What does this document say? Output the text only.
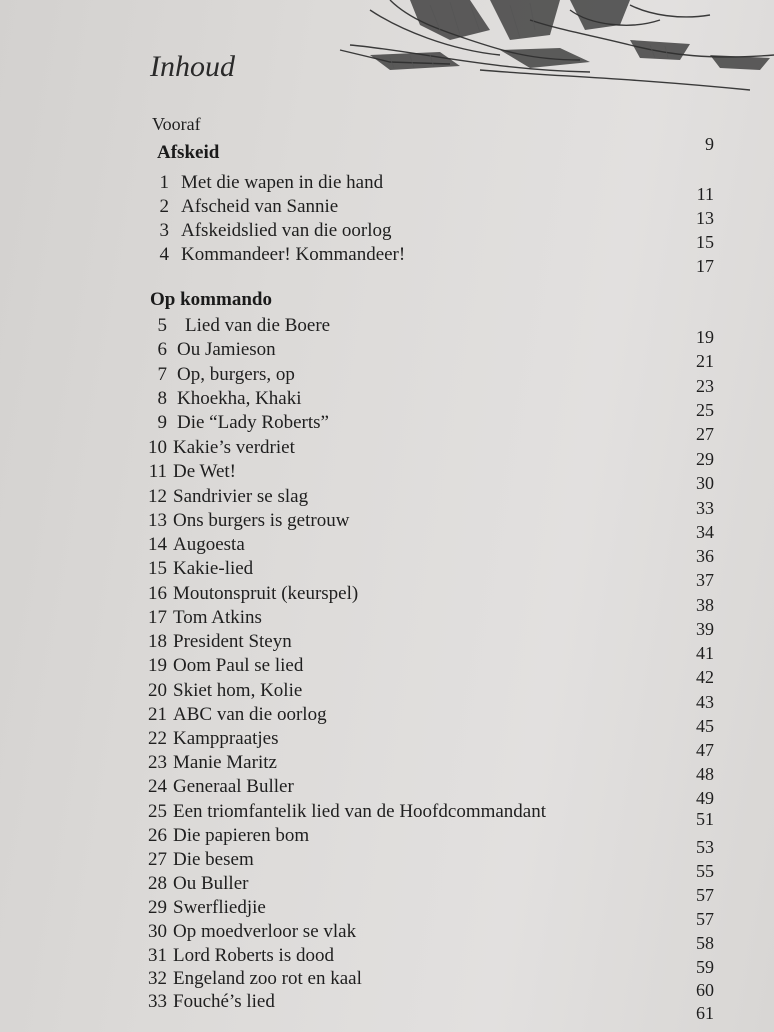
Inhoud
Vooraf
9
Afskeid
1 Met die wapen in die hand
11
2 Afscheid van Sannie
13
3 Afskeidslied van die oorlog
15
4 Kommandeer! Kommandeer!
17
Op kommando
5 Lied van die Boere
19
6 Ou Jamieson
21
7 Op, burgers, op
23
8 Khoekha, Khaki
25
9 Die “Lady Roberts”
27
10 Kakie’s verdriet
29
11 De Wet!
30
12 Sandrivier se slag
33
13 Ons burgers is getrouw
34
14 Augoesta
36
15 Kakie-lied
37
16 Moutonspruit (keurspel)
38
17 Tom Atkins
39
18 President Steyn
41
19 Oom Paul se lied
42
20 Skiet hom, Kolie
43
21 ABC van die oorlog
45
22 Kamppraatjes
47
23 Manie Maritz
48
24 Generaal Buller
49
25 Een triomfantelik lied van de Hoofdcommandant	51
26 Die papieren bom
53
27 Die besem
55
28 Ou Buller
57
29 Swerfliedjie
57
30 Op moedverloor se vlak
58
31 Lord Roberts is dood
59
32 Engeland zoo rot en kaal
60
33 Fouché’s lied
61
